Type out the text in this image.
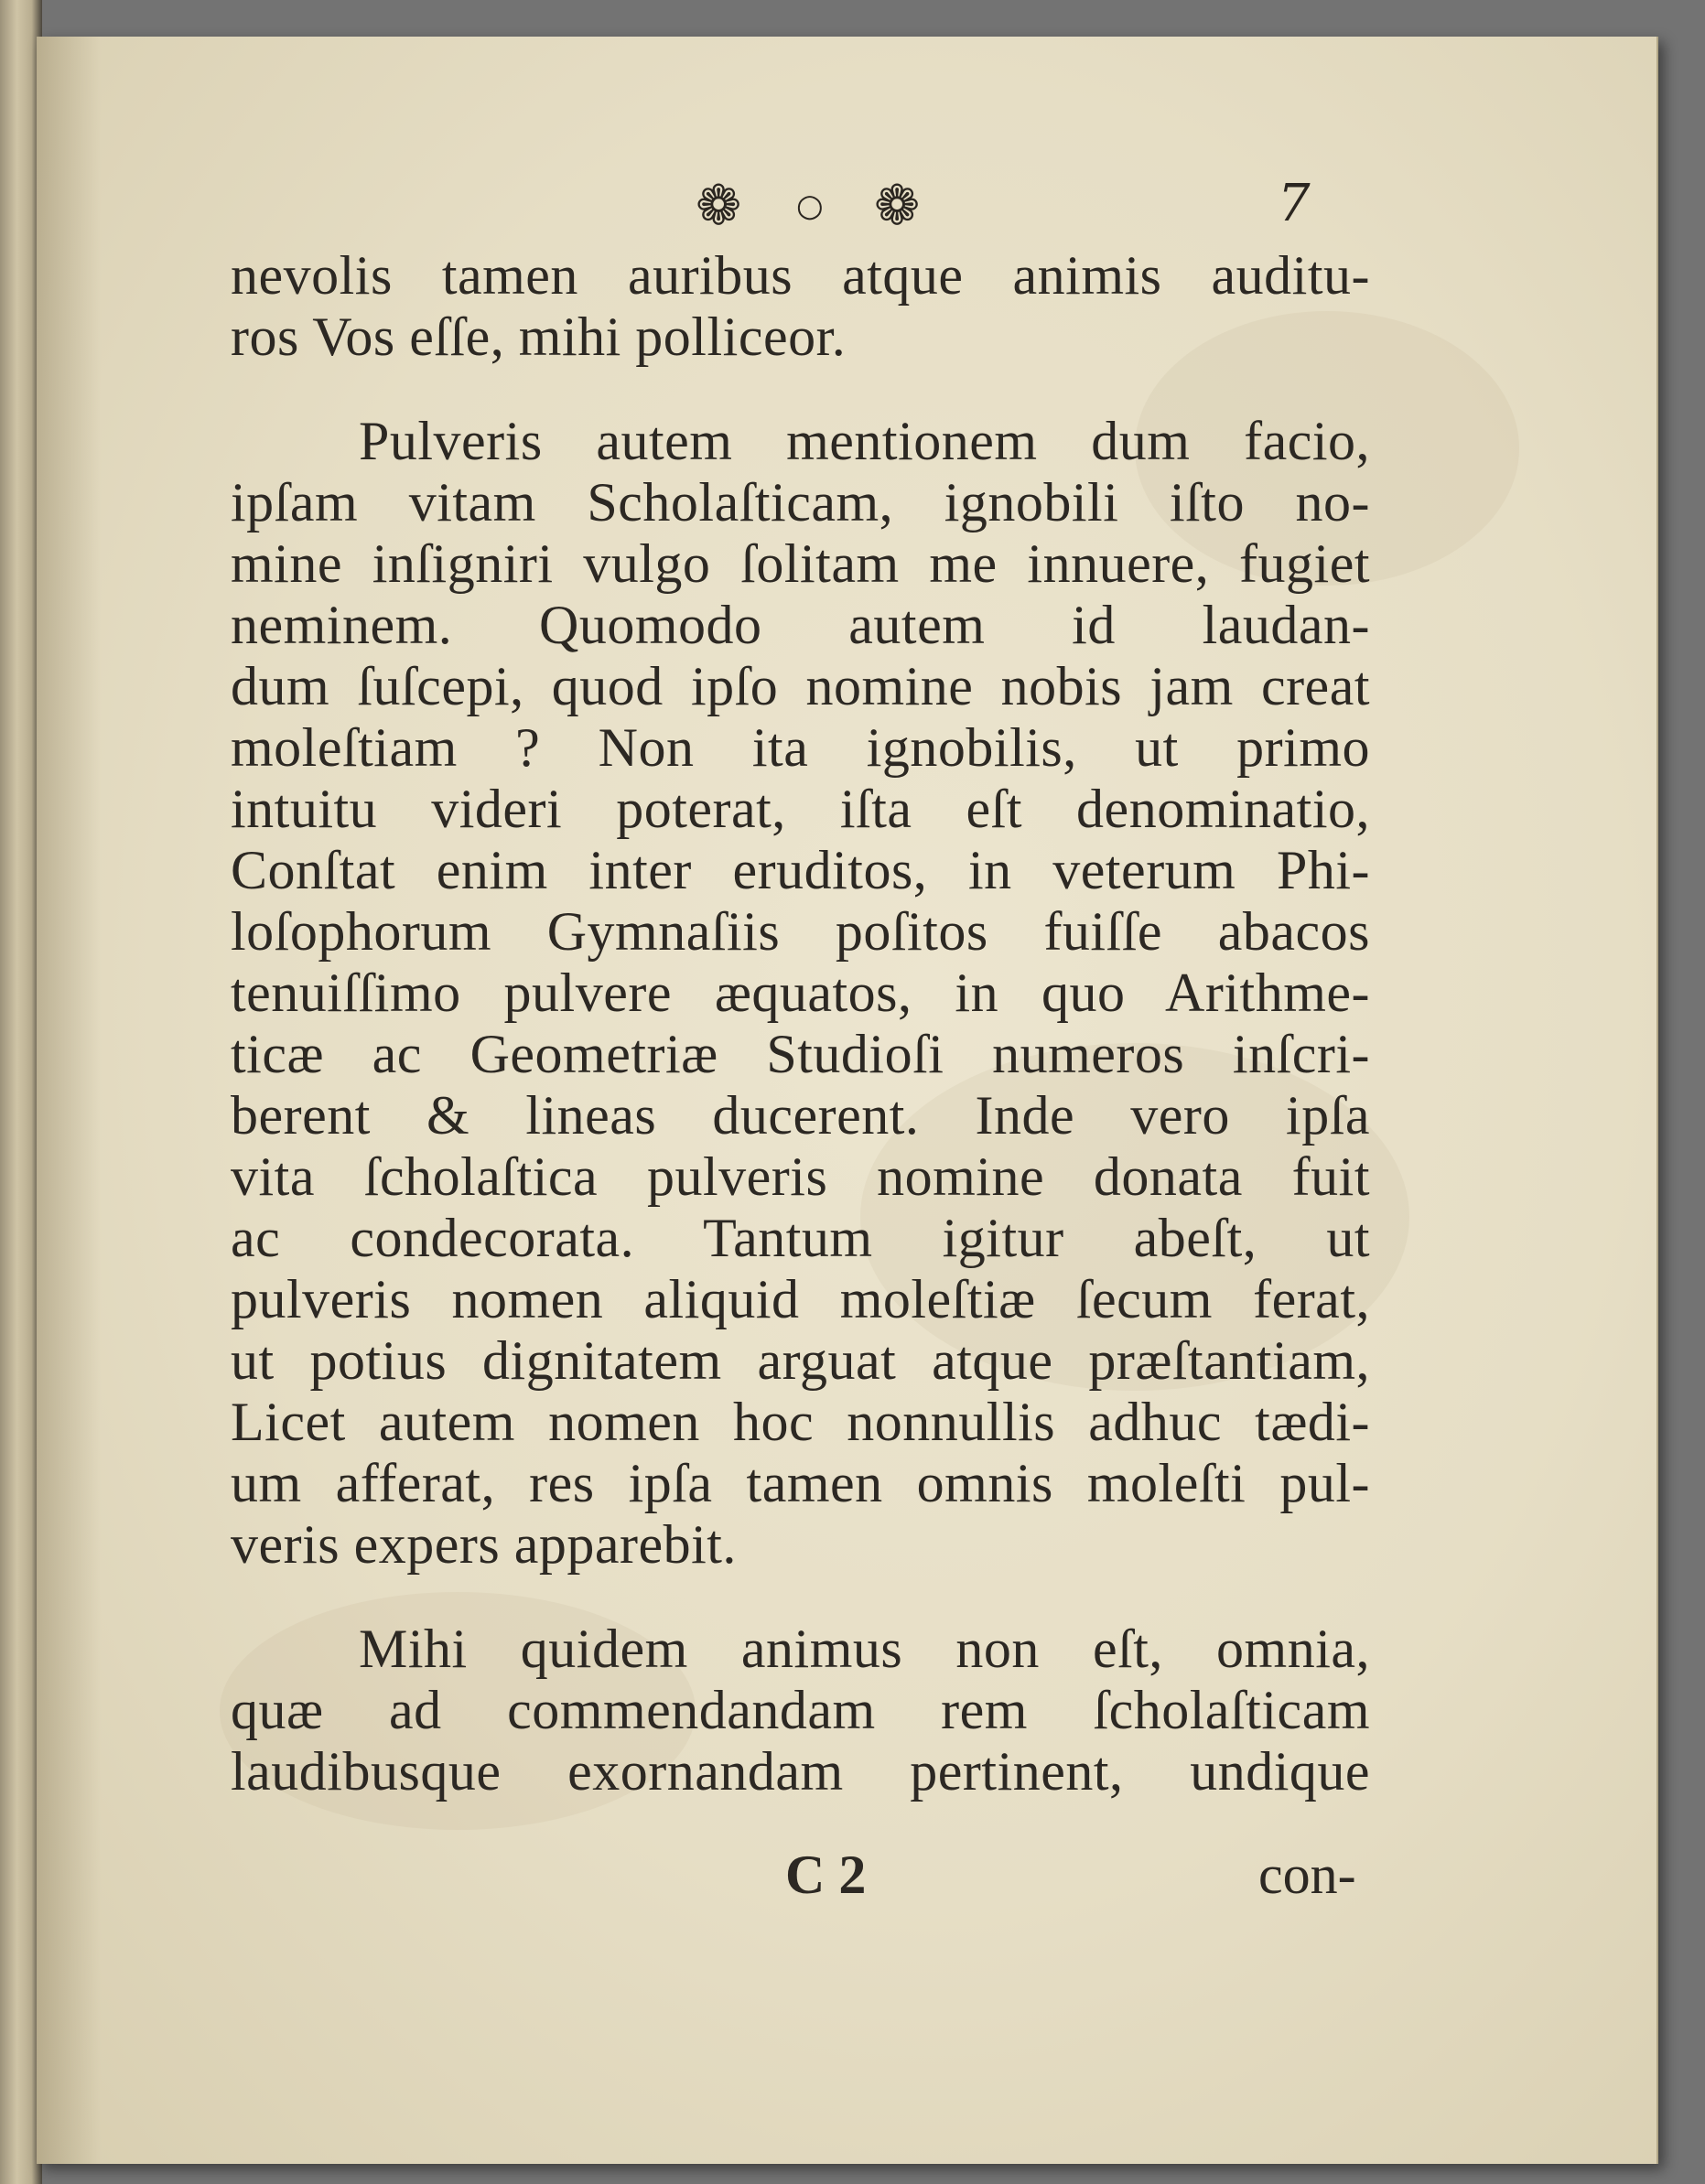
❁ ○ ❁	7
nevolis tamen auribus atque animis auditu-
ros Vos eſſe, mihi polliceor.
Pulveris autem mentionem dum facio,
ipſam vitam Scholaſticam, ignobili iſto no-
mine inſigniri vulgo ſolitam me innuere, fugiet
neminem. Quomodo autem id laudan-
dum ſuſcepi, quod ipſo nomine nobis jam creat
moleſtiam ? Non ita ignobilis, ut primo
intuitu videri poterat, iſta eſt denominatio,
Conſtat enim inter eruditos, in veterum Phi-
loſophorum Gymnaſiis poſitos fuiſſe abacos
tenuiſſimo pulvere æquatos, in quo Arithme-
ticæ ac Geometriæ Studioſi numeros inſcri-
berent & lineas ducerent. Inde vero ipſa
vita ſcholaſtica pulveris nomine donata fuit
ac condecorata. Tantum igitur abeſt, ut
pulveris nomen aliquid moleſtiæ ſecum ferat,
ut potius dignitatem arguat atque præſtantiam,
Licet autem nomen hoc nonnullis adhuc tædi-
um afferat, res ipſa tamen omnis moleſti pul-
veris expers apparebit.
Mihi quidem animus non eſt, omnia,
quæ ad commendandam rem ſcholaſticam
laudibusque exornandam pertinent, undique
C 2	con-
